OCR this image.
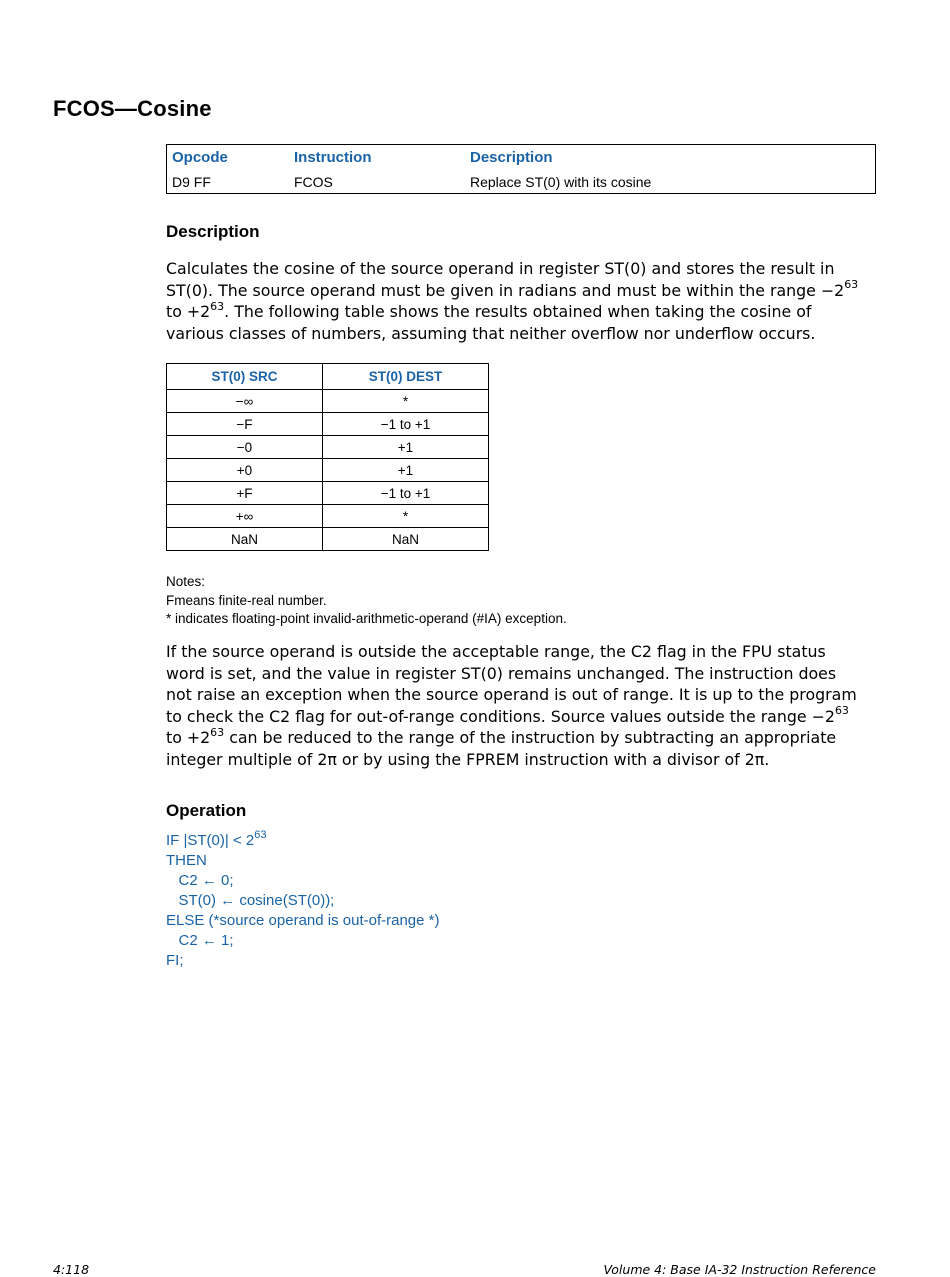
FCOS—Cosine
Opcode	Instruction	Description
D9 FF	FCOS	Replace ST(0) with its cosine
Description

Calculates the cosine of the source operand in register ST(0) and stores the result in
ST(0). The source operand must be given in radians and must be within the range $-2^{63}$
to $+2^{63}$. The following table shows the results obtained when taking the cosine of
various classes of numbers, assuming that neither overflow nor underflow occurs.

ST(0) SRC	ST(0) DEST
−∞	*
−F	−1 to +1
−0	+1
+0	+1
+F	−1 to +1
+∞	*
NaN	NaN
Notes:
Fmeans finite-real number.
* indicates floating-point invalid-arithmetic-operand (#IA) exception.

If the source operand is outside the acceptable range, the C2 flag in the FPU status
word is set, and the value in register ST(0) remains unchanged. The instruction does
not raise an exception when the source operand is out of range. It is up to the program
to check the C2 flag for out-of-range conditions. Source values outside the range $-2^{63}$
to $+2^{63}$ can be reduced to the range of the instruction by subtracting an appropriate
integer multiple of 2π or by using the FPREM instruction with a divisor of 2π.

Operation
IF $|ST(0)| < 2^{63}$
THEN
C2 ← 0;
ST(0) ← cosine(ST(0));
ELSE (*source operand is out-of-range *)
C2 ← 1;
FI;
4:118	Volume 4: Base IA-32 Instruction Reference
